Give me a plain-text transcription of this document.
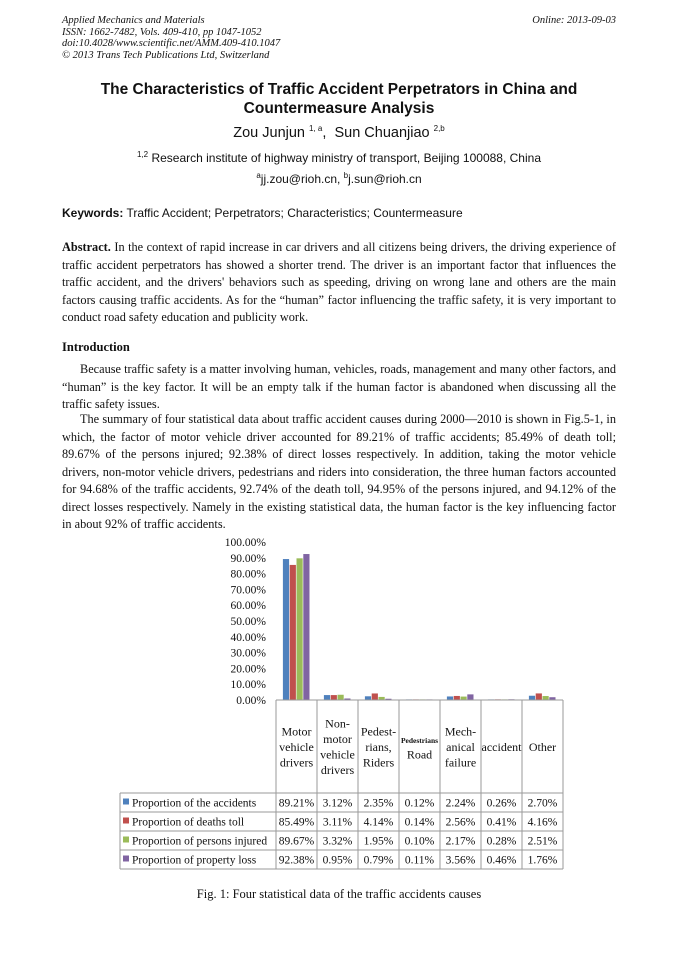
Applied Mechanics and Materials
ISSN: 1662-7482, Vols. 409-410, pp 1047-1052
doi:10.4028/www.scientific.net/AMM.409-410.1047
© 2013 Trans Tech Publications Ltd, Switzerland
Online: 2013-09-03
The Characteristics of Traffic Accident Perpetrators in China and Countermeasure Analysis
Zou Junjun $^{1, a}$,  Sun Chuanjiao $^{2,b}$
$^{1,2}$ Research institute of highway ministry of transport, Beijing 100088, China
$^a$jj.zou@rioh.cn, $^b$j.sun@rioh.cn
Keywords: Traffic Accident; Perpetrators; Characteristics; Countermeasure
Abstract. In the context of rapid increase in car drivers and all citizens being drivers, the driving experience of traffic accident perpetrators has showed a shorter trend. The driver is an important factor that influences the traffic accident, and the drivers' behaviors such as speeding, driving on wrong lane and others are the main factors causing traffic accidents. As for the “human” factor influencing the traffic safety, it is very important to conduct road safety education and publicity work.
Introduction
Because traffic safety is a matter involving human, vehicles, roads, management and many other factors, and “human” is the key factor. It will be an empty talk if the human factor is abandoned when discussing all the traffic safety issues.
The summary of four statistical data about traffic accident causes during 2000—2010 is shown in Fig.5-1, in which, the factor of motor vehicle driver accounted for 89.21% of traffic accidents; 85.49% of death toll; 89.67% of the persons injured; 92.38% of direct losses respectively. In addition, taking the motor vehicle drivers, non-motor vehicle drivers, pedestrians and riders into consideration, the three human factors accounted for 94.68% of the traffic accidents, 92.74% of the death toll, 94.95% of the persons injured, and 94.12% of the direct losses respectively. Namely in the existing statistical data, the human factor is the key influencing factor in about 92% of traffic accidents.
100.00%
90.00%
80.00%
70.00%
60.00%
50.00%
40.00%
30.00%
20.00%
10.00%
0.00%
Motor
vehicle
drivers
Non-
motor
vehicle
drivers
Pedest-
rians,
Riders
Pedestrians
Road
Mech-
anical
failure
accident Other
Proportion of the accidents 89.21% 3.12% 2.35% 0.12% 2.24% 0.26% 2.70%
Proportion of deaths toll	85.49% 3.11% 4.14% 0.14% 2.56% 0.41% 4.16%
Proportion of persons injured 89.67% 3.32% 1.95% 0.10% 2.17% 0.28% 2.51%
Proportion of property loss 92.38% 0.95% 0.79% 0.11% 3.56% 0.46% 1.76%
Fig. 1: Four statistical data of the traffic accidents causes
